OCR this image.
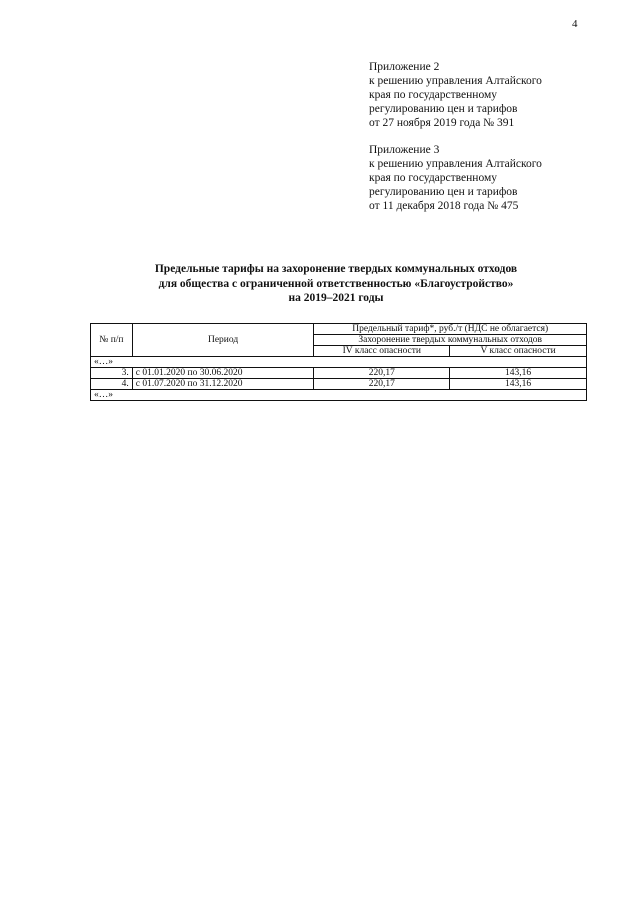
4
Приложение 2
к решению управления Алтайского
края по государственному
регулированию цен и тарифов
от 27 ноября 2019 года № 391
Приложение 3
к решению управления Алтайского
края по государственному
регулированию цен и тарифов
от 11 декабря 2018 года № 475
Предельные тарифы на захоронение твердых коммунальных отходов
для общества с ограниченной ответственностью «Благоустройство»
на 2019–2021 годы
№ п/п	Период	Предельный тариф*, руб./т (НДС не облагается)	
		Захоронение твердых коммунальных отходов	
		IV класс опасности	V класс опасности
«…»			
3.	с 01.01.2020 по 30.06.2020	220,17	143,16
4.	с 01.07.2020 по 31.12.2020	220,17	143,16
«…»			
